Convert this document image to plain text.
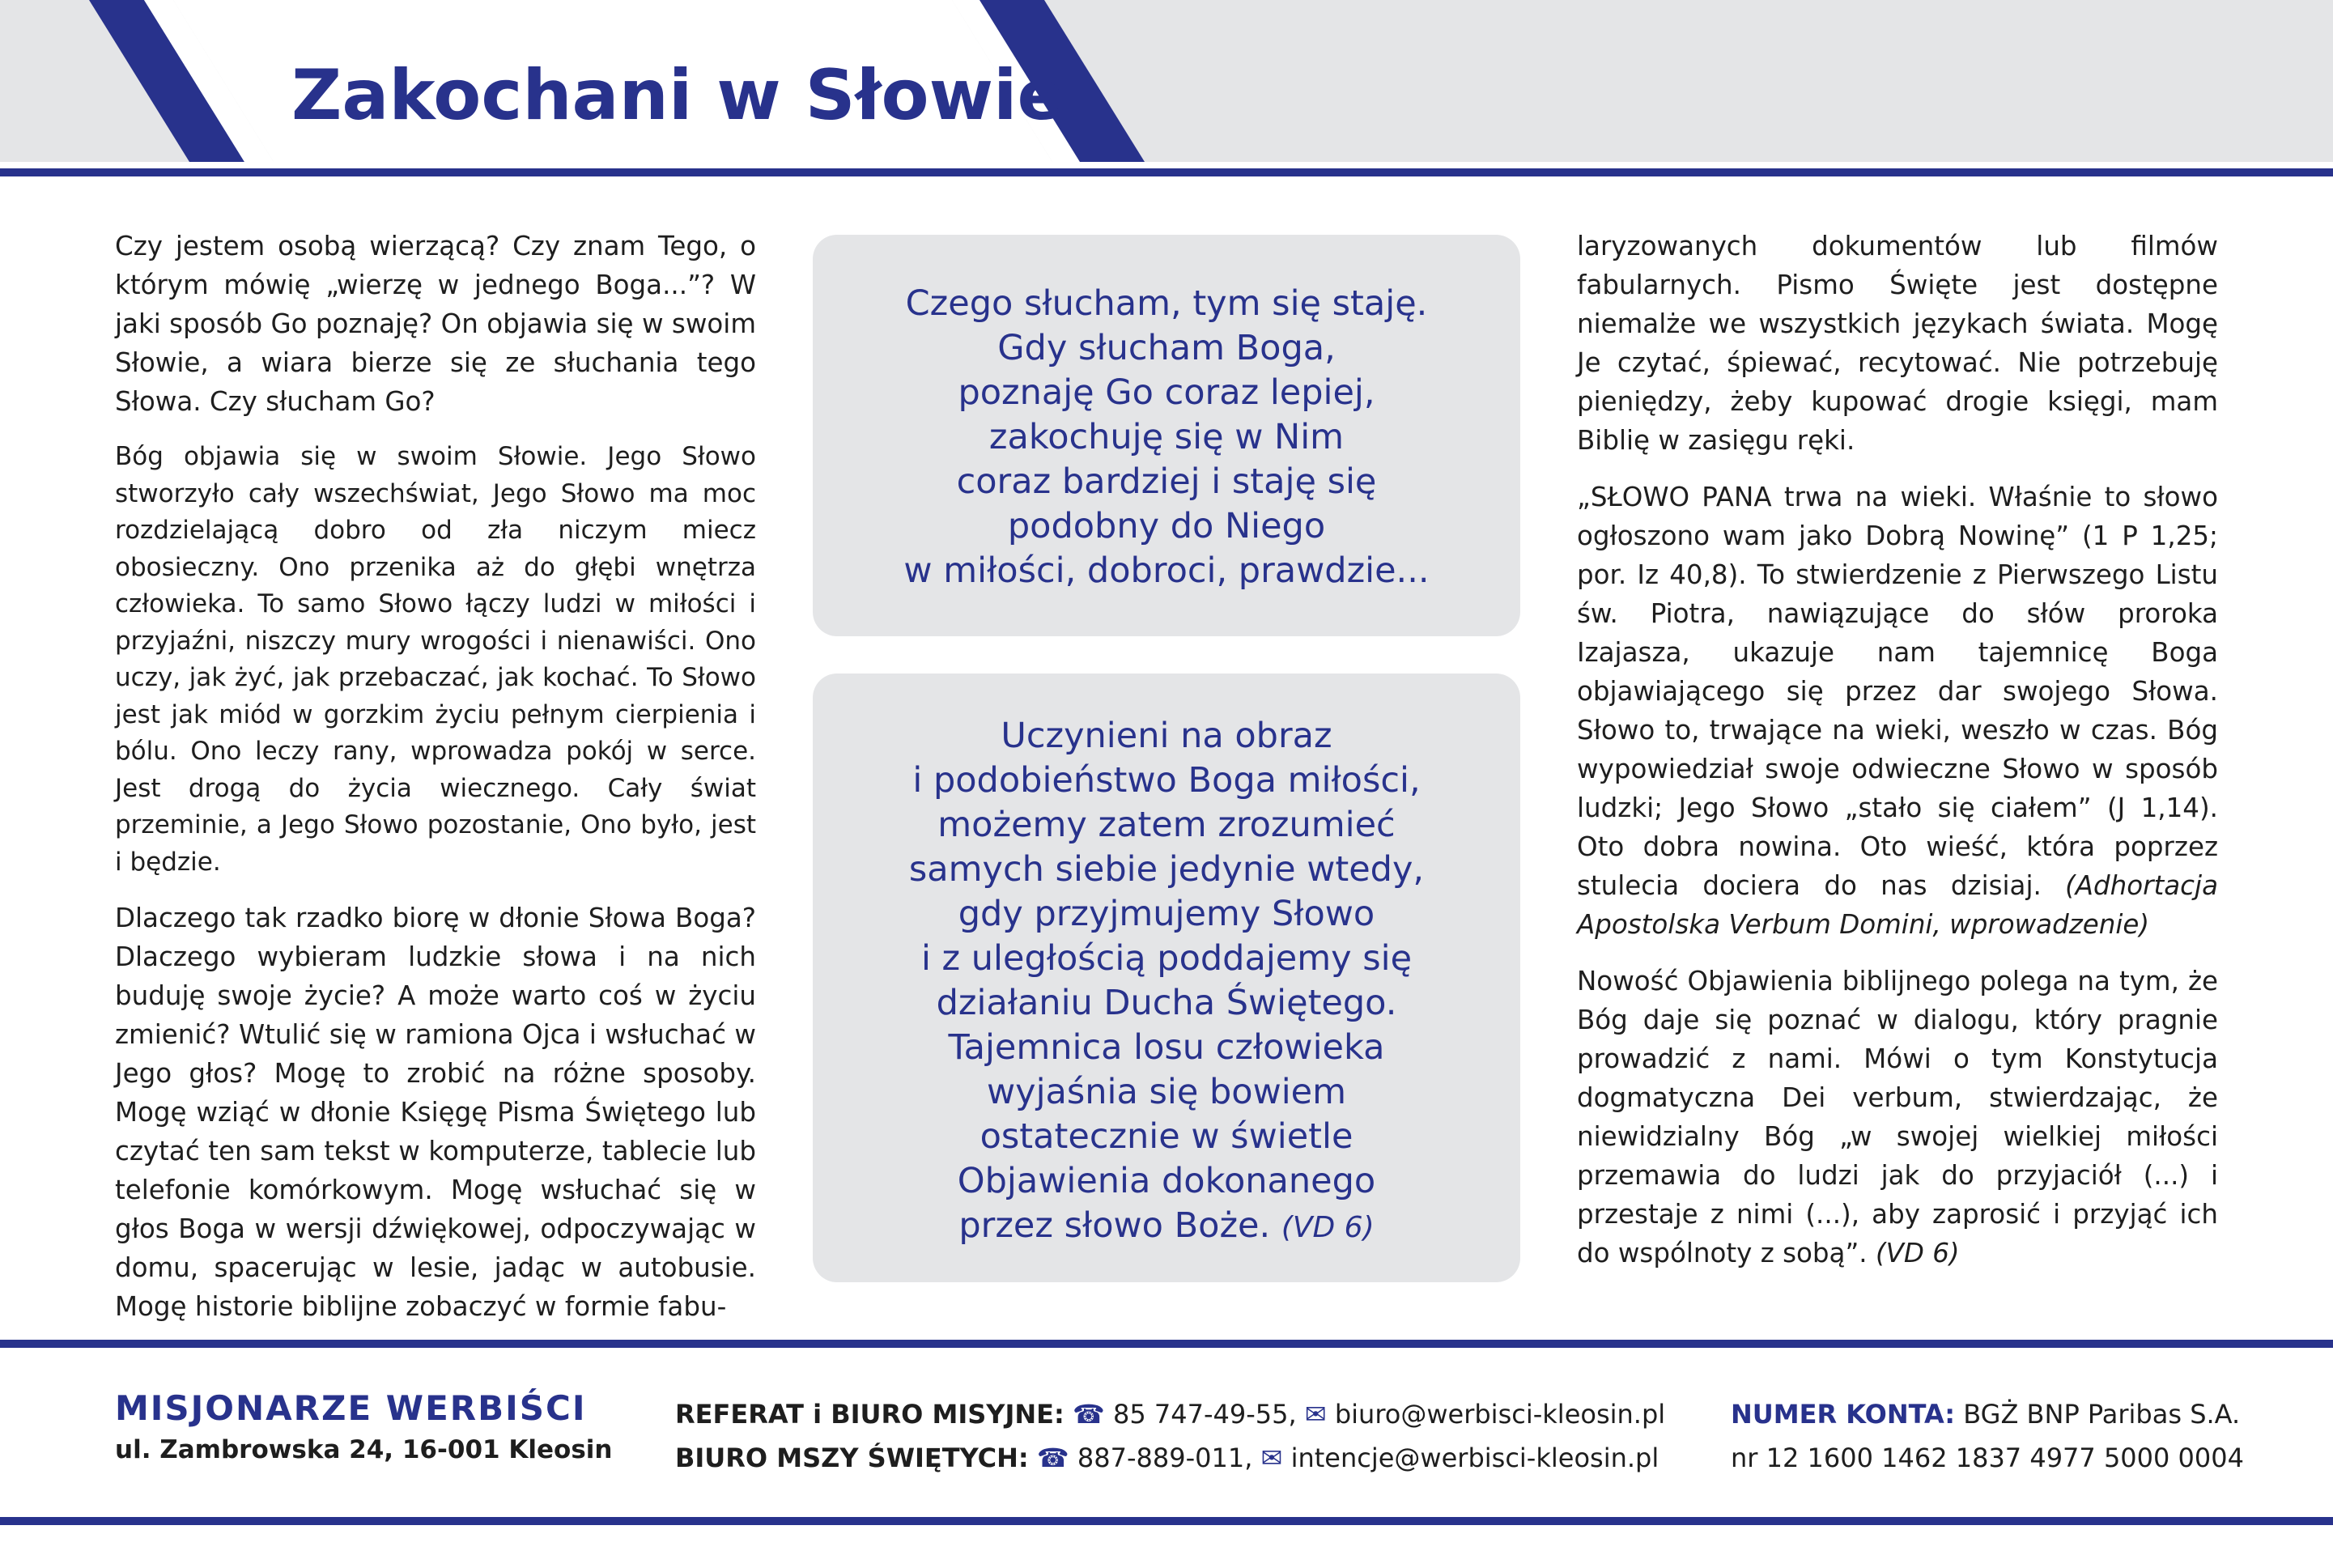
Zakochani w Słowie

Czy jestem osobą wierzącą? Czy znam Tego, o którym mówię „wierzę w jednego Boga...”? W jaki sposób Go poznaję? On objawia się w swoim Słowie, a wiara bierze się ze słuchania tego Słowa. Czy słucham Go?

Bóg objawia się w swoim Słowie. Jego Słowo stworzyło cały wszechświat, Jego Słowo ma moc rozdzielającą dobro od zła niczym miecz obosieczny. Ono przenika aż do głębi wnętrza człowieka. To samo Słowo łączy ludzi w miłości i przyjaźni, niszczy mury wrogości i nienawiści. Ono uczy, jak żyć, jak przebaczać, jak kochać. To Słowo jest jak miód w gorzkim życiu pełnym cierpienia i bólu. Ono leczy rany, wprowadza pokój w serce. Jest drogą do życia wiecznego. Cały świat przeminie, a Jego Słowo pozostanie, Ono było, jest i będzie.

Dlaczego tak rzadko biorę w dłonie Słowa Boga? Dlaczego wybieram ludzkie słowa i na nich buduję swoje życie? A może warto coś w życiu zmienić? Wtulić się w ramiona Ojca i wsłuchać w Jego głos? Mogę to zrobić na różne sposoby. Mogę wziąć w dłonie Księgę Pisma Świętego lub czytać ten sam tekst w komputerze, tablecie lub telefonie komórkowym. Mogę wsłuchać się w głos Boga w wersji dźwiękowej, odpoczywając w domu, spacerując w lesie, jadąc w autobusie. Mogę historie biblijne zobaczyć w formie fabu-

Czego słucham, tym się staję.
Gdy słucham Boga,
poznaję Go coraz lepiej,
zakochuję się w Nim
coraz bardziej i staję się
podobny do Niego
w miłości, dobroci, prawdzie...
Uczynieni na obraz
i podobieństwo Boga miłości,
możemy zatem zrozumieć
samych siebie jedynie wtedy,
gdy przyjmujemy Słowo
i z uległością poddajemy się
działaniu Ducha Świętego.
Tajemnica losu człowieka
wyjaśnia się bowiem
ostatecznie w świetle
Objawienia dokonanego
przez słowo Boże. (VD 6)

laryzowanych dokumentów lub filmów fabularnych. Pismo Święte jest dostępne niemalże we wszystkich językach świata. Mogę Je czytać, śpiewać, recytować. Nie potrzebuję pieniędzy, żeby kupować drogie księgi, mam Biblię w zasięgu ręki.

„SŁOWO PANA trwa na wieki. Właśnie to słowo ogłoszono wam jako Dobrą Nowinę” (1 P 1,25; por. Iz 40,8). To stwierdzenie z Pierwszego Listu św. Piotra, nawiązujące do słów proroka Izajasza, ukazuje nam tajemnicę Boga objawiającego się przez dar swojego Słowa. Słowo to, trwające na wieki, weszło w czas. Bóg wypowiedział swoje odwieczne Słowo w sposób ludzki; Jego Słowo „stało się ciałem” (J 1,14). Oto dobra nowina. Oto wieść, która poprzez stulecia dociera do nas dzisiaj. (Adhortacja Apostolska Verbum Domini, wprowadzenie)

Nowość Objawienia biblijnego polega na tym, że Bóg daje się poznać w dialogu, który pragnie prowadzić z nami. Mówi o tym Konstytucja dogmatyczna Dei verbum, stwierdzając, że niewidzialny Bóg „w swojej wielkiej miłości przemawia do ludzi jak do przyjaciół (...) i przestaje z nimi (...), aby zaprosić i przyjąć ich do wspólnoty z sobą”. (VD 6)

MISJONARZE WERBIŚCI
ul. Zambrowska 24, 16-001 Kleosin
REFERAT i BIURO MISYJNE: ☎ 85 747-49-55, ✉ biuro@werbisci-kleosin.pl
BIURO MSZY ŚWIĘTYCH: ☎ 887-889-011, ✉ intencje@werbisci-kleosin.pl
NUMER KONTA: BGŻ BNP Paribas S.A.
nr 12 1600 1462 1837 4977 5000 0004
